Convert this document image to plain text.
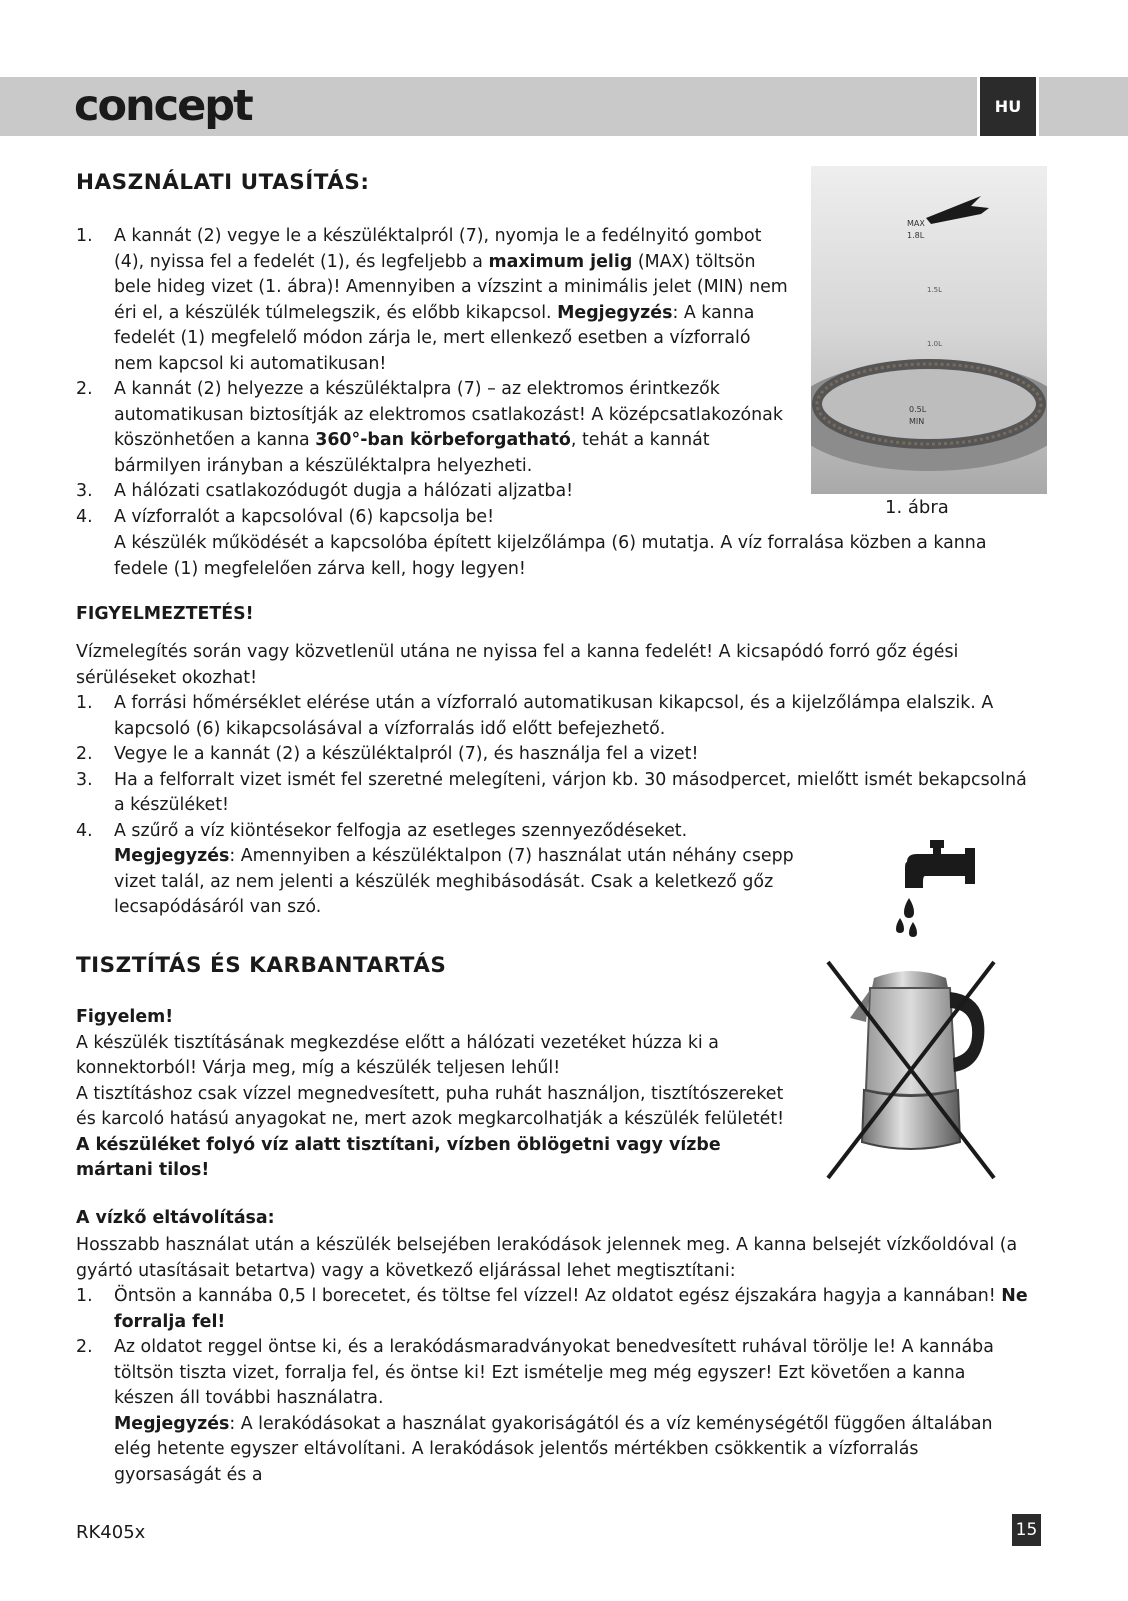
concept	HU
HASZNÁLATI UTASÍTÁS:
1.	A kannát (2) vegye le a készüléktalpról (7), nyomja le a fedélnyitó gombot (4), nyissa fel a fedelét (1), és legfeljebb a maximum jelig (MAX) töltsön bele hideg vizet (1. ábra)! Amennyiben a vízszint a minimális jelet (MIN) nem éri el, a készülék túlmelegszik, és előbb kikapcsol. Megjegyzés: A kanna fedelét (1) megfelelő módon zárja le, mert ellenkező esetben a vízforraló nem kapcsol ki automatikusan!
2.	A kannát (2) helyezze a készüléktalpra (7) – az elektromos érintkezők automatikusan biztosítják az elektromos csatlakozást! A középcsatlakozónak köszönhetően a kanna 360°-ban körbeforgatható, tehát a kannát bármilyen irányban a készüléktalpra helyezheti.
3.	A hálózati csatlakozódugót dugja a hálózati aljzatba!
4.	A vízforralót a kapcsolóval (6) kapcsolja be!
A készülék működését a kapcsolóba épített kijelzőlámpa (6) mutatja. A víz forralása közben a kanna fedele (1) megfelelően zárva kell, hogy legyen!
MAX
1.8L
1.5L
1.0L
0.5L
MIN
1. ábra
FIGYELMEZTETÉS!

Vízmelegítés során vagy közvetlenül utána ne nyissa fel a kanna fedelét! A kicsapódó forró gőz égési sérüléseket okozhat!

1.	A forrási hőmérséklet elérése után a vízforraló automatikusan kikapcsol, és a kijelzőlámpa elalszik. A kapcsoló (6) kikapcsolásával a vízforralás idő előtt befejezhető.
2.	Vegye le a kannát (2) a készüléktalpról (7), és használja fel a vizet!
3.	Ha a felforralt vizet ismét fel szeretné melegíteni, várjon kb. 30 másodpercet, mielőtt ismét bekapcsolná a készüléket!
4.	A szűrő a víz kiöntésekor felfogja az esetleges szennyeződéseket.
Megjegyzés: Amennyiben a készüléktalpon (7) használat után néhány csepp vizet talál, az nem jelenti a készülék meghibásodását. Csak a keletkező gőz lecsapódásáról van szó.
TISZTÍTÁS ÉS KARBANTARTÁS

Figyelem!

A készülék tisztításának megkezdése előtt a hálózati vezetéket húzza ki a konnektorból! Várja meg, míg a készülék teljesen lehűl!

A tisztításhoz csak vízzel megnedvesített, puha ruhát használjon, tisztítószereket és karcoló hatású anyagokat ne, mert azok megkarcolhatják a készülék felületét!

A készüléket folyó víz alatt tisztítani, vízben öblögetni vagy vízbe mártani tilos!

A vízkő eltávolítása:

Hosszabb használat után a készülék belsejében lerakódások jelennek meg. A kanna belsejét vízkőoldóval (a gyártó utasításait betartva) vagy a következő eljárással lehet megtisztítani:

1.	Öntsön a kannába 0,5 l borecetet, és töltse fel vízzel! Az oldatot egész éjszakára hagyja a kannában! Ne forralja fel!
2.	Az oldatot reggel öntse ki, és a lerakódásmaradványokat benedvesített ruhával törölje le! A kannába töltsön tiszta vizet, forralja fel, és öntse ki! Ezt ismételje meg még egyszer! Ezt követően a kanna készen áll további használatra.
Megjegyzés: A lerakódásokat a használat gyakoriságától és a víz keménységétől függően általában elég hetente egyszer eltávolítani. A lerakódások jelentős mértékben csökkentik a vízforralás gyorsaságát és a
RK405x	15
